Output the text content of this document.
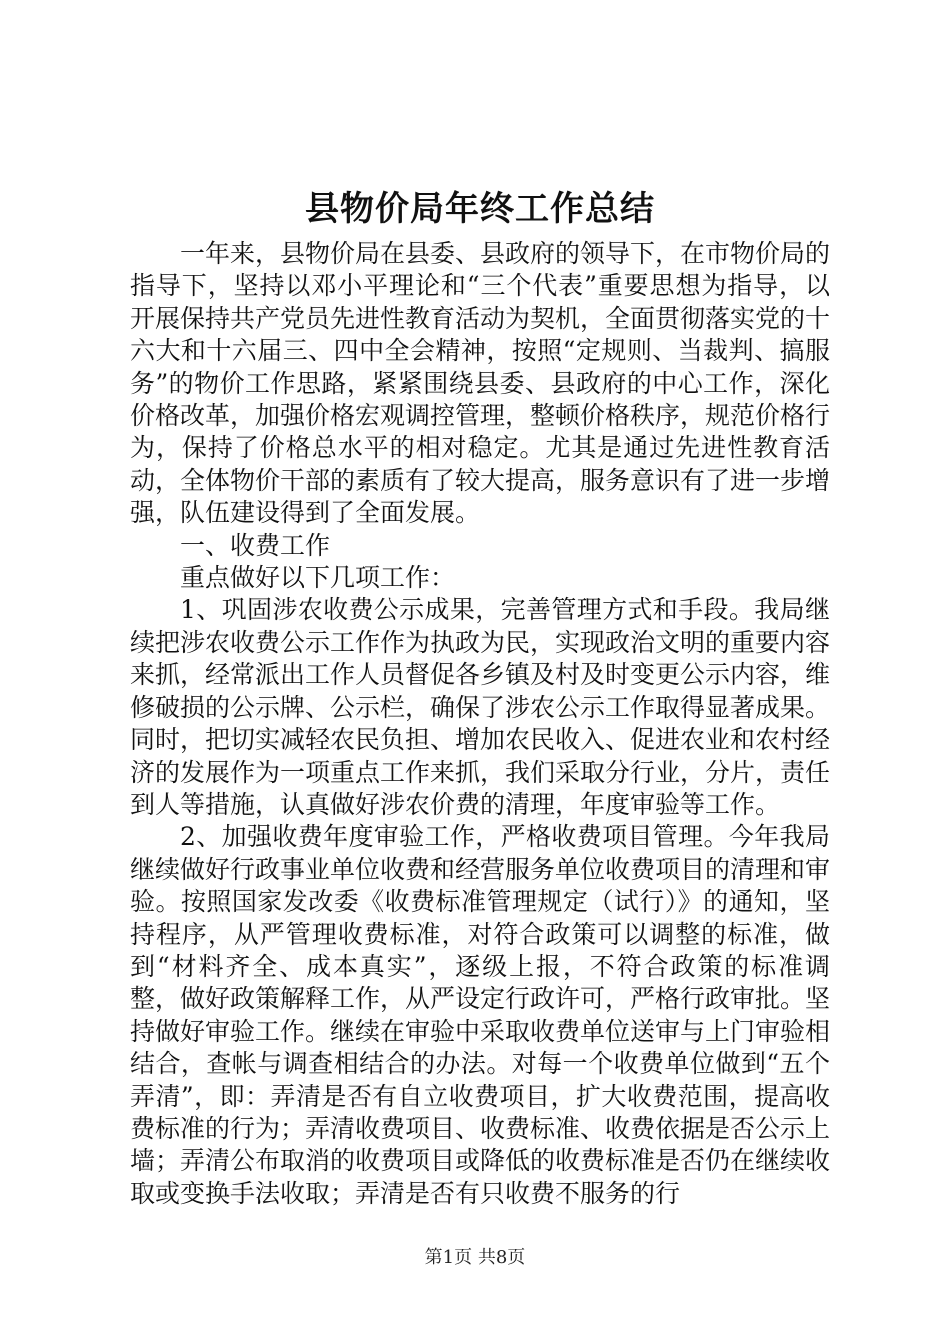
县物价局年终工作总结

一年来，县物价局在县委、县政府的领导下，在市物价局的指导下，坚持以邓小平理论和“三个代表”重要思想为指导，以开展保持共产党员先进性教育活动为契机，全面贯彻落实党的十六大和十六届三、四中全会精神，按照“定规则、当裁判、搞服务”的物价工作思路，紧紧围绕县委、县政府的中心工作，深化价格改革，加强价格宏观调控管理，整顿价格秩序，规范价格行为，保持了价格总水平的相对稳定。尤其是通过先进性教育活动，全体物价干部的素质有了较大提高，服务意识有了进一步增强，队伍建设得到了全面发展。

一、收费工作

重点做好以下几项工作：

1、巩固涉农收费公示成果，完善管理方式和手段。我局继续把涉农收费公示工作作为执政为民，实现政治文明的重要内容来抓，经常派出工作人员督促各乡镇及村及时变更公示内容，维修破损的公示牌、公示栏，确保了涉农公示工作取得显著成果。同时，把切实减轻农民负担、增加农民收入、促进农业和农村经济的发展作为一项重点工作来抓，我们采取分行业，分片，责任到人等措施，认真做好涉农价费的清理，年度审验等工作。

2、加强收费年度审验工作，严格收费项目管理。今年我局继续做好行政事业单位收费和经营服务单位收费项目的清理和审验。按照国家发改委《收费标准管理规定（试行）》的通知，坚持程序，从严管理收费标准，对符合政策可以调整的标准，做到“材料齐全、成本真实”，逐级上报，不符合政策的标准调整，做好政策解释工作，从严设定行政许可，严格行政审批。坚持做好审验工作。继续在审验中采取收费单位送审与上门审验相结合，查帐与调查相结合的办法。对每一个收费单位做到“五个弄清”，即：弄清是否有自立收费项目，扩大收费范围，提高收费标准的行为；弄清收费项目、收费标准、收费依据是否公示上墙；弄清公布取消的收费项目或降低的收费标准是否仍在继续收取或变换手法收取；弄清是否有只收费不服务的行

第1页 共8页
